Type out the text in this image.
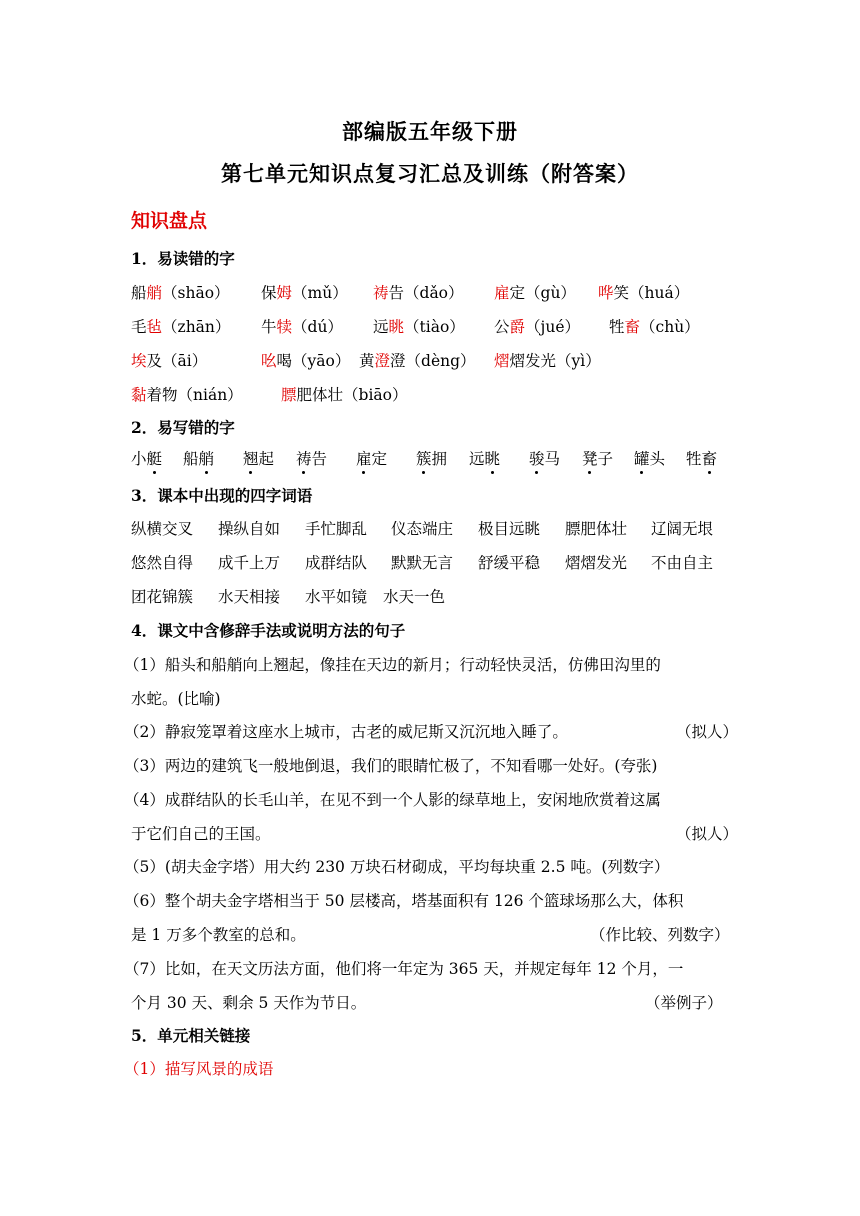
部编版五年级下册
第七单元知识点复习汇总及训练（附答案）
知识盘点
1．易读错的字
船艄（shāo） 保姆（mǔ） 祷告（dǎo） 雇定（gù） 哗笑（huá）
毛毡（zhān） 牛犊（dú） 远眺（tiào） 公爵（jué） 牲畜（chù）
埃及（āi）	吆喝（yāo） 黄澄澄（dèng） 熠熠发光（yì）
黏着物（nián） 膘肥体壮（biāo）
2．易写错的字
小艇 船艄 翘起 祷告 雇定 簇拥 远眺 骏马 凳子 罐头 牲畜
3．课本中出现的四字词语
纵横交叉 操纵自如 手忙脚乱 仪态端庄 极目远眺 膘肥体壮 辽阔无垠
悠然自得 成千上万 成群结队 默默无言 舒缓平稳 熠熠发光 不由自主
团花锦簇 水天相接 水平如镜 水天一色
4．课文中含修辞手法或说明方法的句子
（1）船头和船艄向上翘起，像挂在天边的新月；行动轻快灵活，仿佛田沟里的
水蛇。(比喻)
（2）静寂笼罩着这座水上城市，古老的威尼斯又沉沉地入睡了。	（拟人）
（3）两边的建筑飞一般地倒退，我们的眼睛忙极了，不知看哪一处好。(夸张)
（4）成群结队的长毛山羊，在见不到一个人影的绿草地上，安闲地欣赏着这属
于它们自己的王国。	（拟人）
（5）(胡夫金字塔）用大约 230 万块石材砌成，平均每块重 2.5 吨。(列数字）
（6）整个胡夫金字塔相当于 50 层楼高，塔基面积有 126 个篮球场那么大，体积
是 1 万多个教室的总和。	（作比较、列数字）
（7）比如，在天文历法方面，他们将一年定为 365 天，并规定每年 12 个月，一
个月 30 天、剩余 5 天作为节日。	（举例子）
5．单元相关链接
（1）描写风景的成语
